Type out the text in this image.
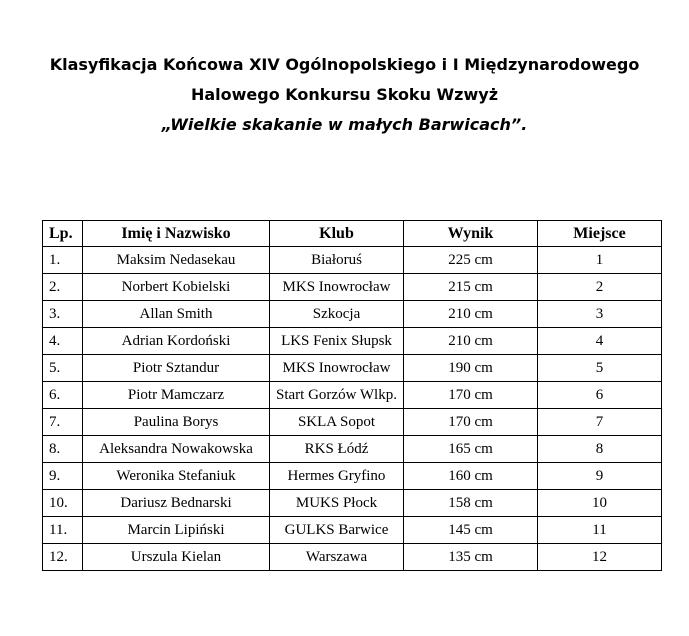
Klasyfikacja Końcowa XIV Ogólnopolskiego i I Międzynarodowego
Halowego Konkursu Skoku Wzwyż
„Wielkie skakanie w małych Barwicach”.
Lp.	Imię i Nazwisko	Klub	Wynik	Miejsce
1.	Maksim Nedasekau	Białoruś	225 cm	1
2.	Norbert Kobielski	MKS Inowrocław	215 cm	2
3.	Allan Smith	Szkocja	210 cm	3
4.	Adrian Kordoński	LKS Fenix Słupsk	210 cm	4
5.	Piotr Sztandur	MKS Inowrocław	190 cm	5
6.	Piotr Mamczarz	Start Gorzów Wlkp.	170 cm	6
7.	Paulina Borys	SKLA Sopot	170 cm	7
8.	Aleksandra Nowakowska	RKS Łódź	165 cm	8
9.	Weronika Stefaniuk	Hermes Gryfino	160 cm	9
10.	Dariusz Bednarski	MUKS Płock	158 cm	10
11.	Marcin Lipiński	GULKS Barwice	145 cm	11
12.	Urszula Kielan	Warszawa	135 cm	12
